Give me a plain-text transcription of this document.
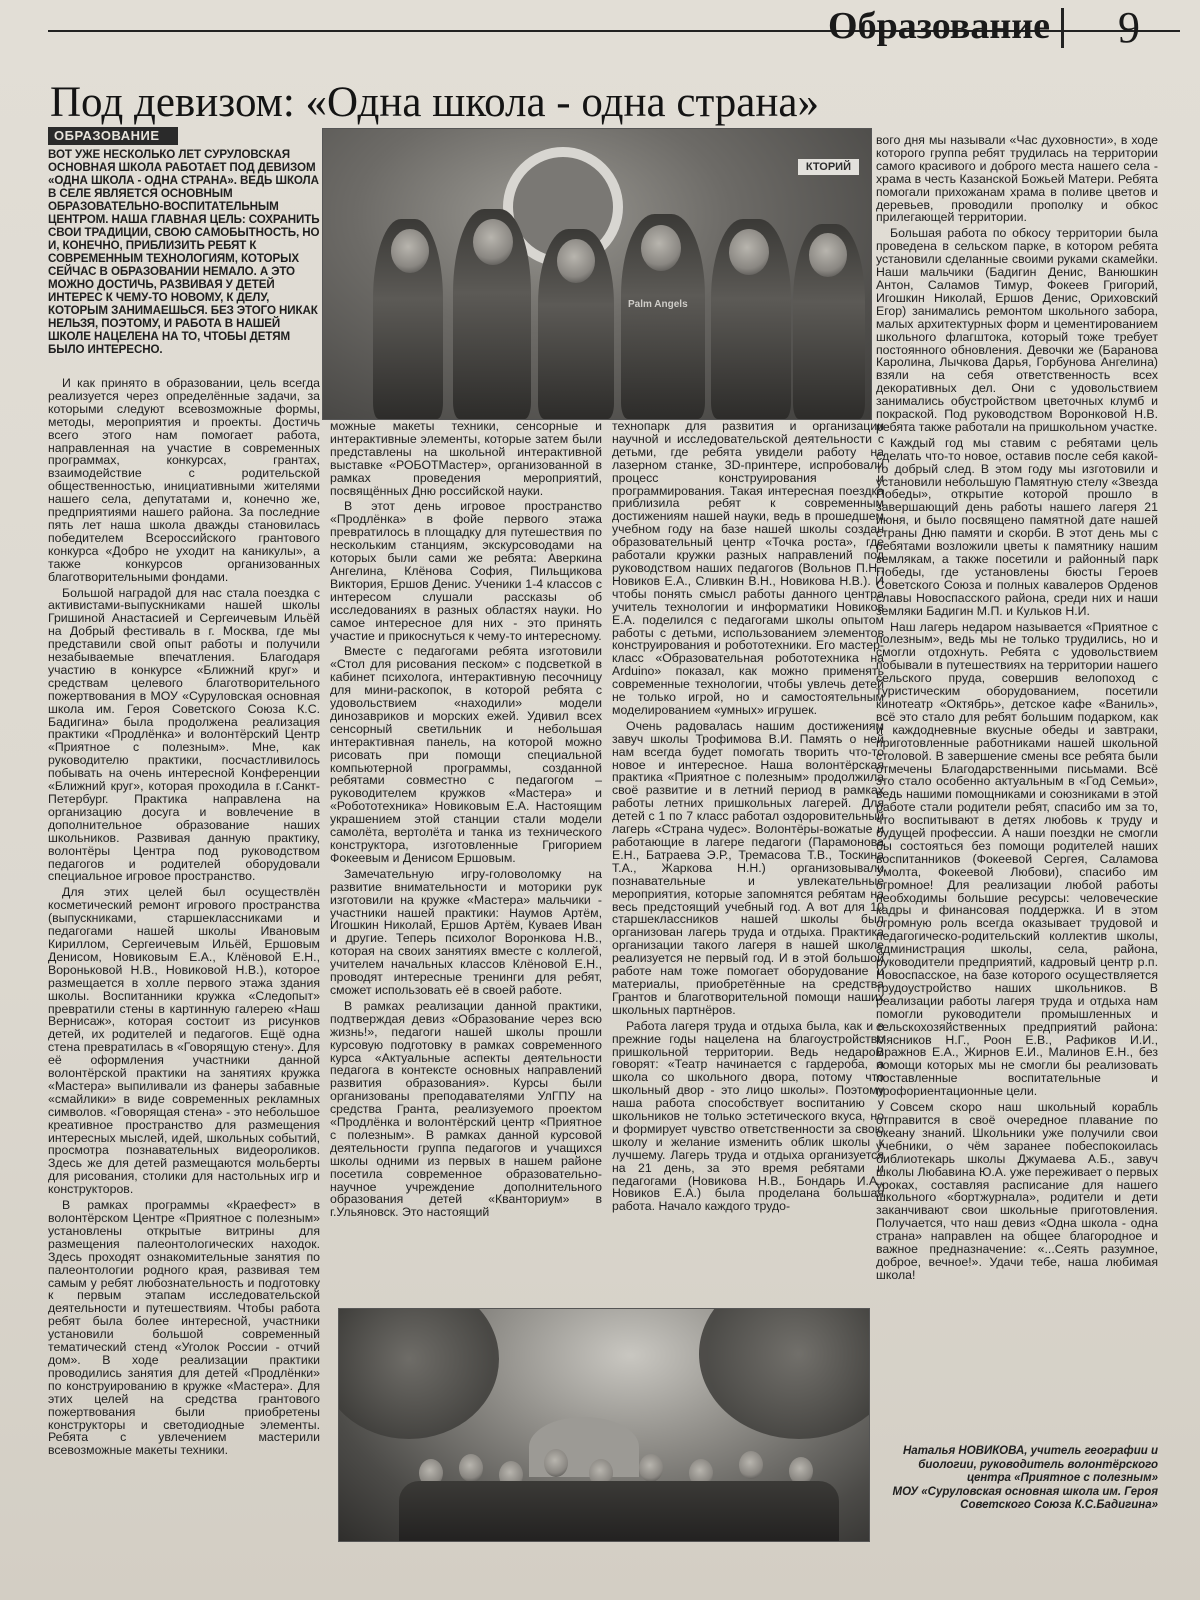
Образование 9
Под девизом: «Одна школа - одна страна»
ОБРАЗОВАНИЕ
ВОТ УЖЕ НЕСКОЛЬКО ЛЕТ СУРУЛОВСКАЯ ОСНОВНАЯ ШКОЛА РАБОТАЕТ ПОД ДЕВИЗОМ «ОДНА ШКОЛА - ОДНА СТРАНА». ВЕДЬ ШКОЛА В СЕЛЕ ЯВЛЯЕТСЯ ОСНОВНЫМ ОБРАЗОВАТЕЛЬНО-ВОСПИТАТЕЛЬНЫМ ЦЕНТРОМ. НАША ГЛАВНАЯ ЦЕЛЬ: СОХРАНИТЬ СВОИ ТРАДИЦИИ, СВОЮ САМОБЫТНОСТЬ, НО И, КОНЕЧНО, ПРИБЛИЗИТЬ РЕБЯТ К СОВРЕМЕННЫМ ТЕХНОЛОГИЯМ, КОТОРЫХ СЕЙЧАС В ОБРАЗОВАНИИ НЕМАЛО. А ЭТО МОЖНО ДОСТИЧЬ, РАЗВИВАЯ У ДЕТЕЙ ИНТЕРЕС К ЧЕМУ-ТО НОВОМУ, К ДЕЛУ, КОТОРЫМ ЗАНИМАЕШЬСЯ. БЕЗ ЭТОГО НИКАК НЕЛЬЗЯ, ПОЭТОМУ, И РАБОТА В НАШЕЙ ШКОЛЕ НАЦЕЛЕНА НА ТО, ЧТОБЫ ДЕТЯМ БЫЛО ИНТЕРЕСНО.

И как принято в образовании, цель всегда реализуется через определённые задачи, за которыми следуют всевозможные формы, методы, мероприятия и проекты. Достичь всего этого нам помогает работа, направленная на участие в современных программах, конкурсах, грантах, взаимодействие с родительской общественностью, инициативными жителями нашего села, депутатами и, конечно же, предприятиями нашего района. За последние пять лет наша школа дважды становилась победителем Всероссийского грантового конкурса «Добро не уходит на каникулы», а также конкурсов организованных благотворительными фондами.

Большой наградой для нас стала поездка с активистами-выпускниками нашей школы Гришиной Анастасией и Сергеичевым Ильёй на Добрый фестиваль в г. Москва, где мы представили свой опыт работы и получили незабываемые впечатления. Благодаря участию в конкурсе «Ближний круг» и средствам целевого благотворительного пожертвования в МОУ «Суруловская основная школа им. Героя Советского Союза К.С. Бадигина» была продолжена реализация практики «Продлёнка» и волонтёрский Центр «Приятное с полезным». Мне, как руководителю практики, посчастливилось побывать на очень интересной Конференции «Ближний круг», которая проходила в г.Санкт-Петербург. Практика направлена на организацию досуга и вовлечение в дополнительное образование наших школьников. Развивая данную практику, волонтёры Центра под руководством педагогов и родителей оборудовали специальное игровое пространство.

Для этих целей был осуществлён косметический ремонт игрового пространства (выпускниками, старшеклассниками и педагогами нашей школы Ивановым Кириллом, Сергеичевым Ильёй, Ершовым Денисом, Новиковым Е.А., Клёновой Е.Н., Вороньковой Н.В., Новиковой Н.В.), которое размещается в холле первого этажа здания школы. Воспитанники кружка «Следопыт» превратили стены в картинную галерею «Наш Вернисаж», которая состоит из рисунков детей, их родителей и педагогов. Ещё одна стена превратилась в «Говорящую стену». Для её оформления участники данной волонтёрской практики на занятиях кружка «Мастера» выпиливали из фанеры забавные «смайлики» в виде современных рекламных символов. «Говорящая стена» - это небольшое креативное пространство для размещения интересных мыслей, идей, школьных событий, просмотра познавательных видеороликов. Здесь же для детей размещаются мольберты для рисования, столики для настольных игр и конструкторов.

В рамках программы «Краефест» в волонтёрском Центре «Приятное с полезным» установлены открытые витрины для размещения палеонтологических находок. Здесь проходят ознакомительные занятия по палеонтологии родного края, развивая тем самым у ребят любознательность и подготовку к первым этапам исследовательской деятельности и путешествиям. Чтобы работа ребят была более интересной, участники установили большой современный тематический стенд «Уголок России - отчий дом». В ходе реализации практики проводились занятия для детей «Продлёнки» по конструированию в кружке «Мастера». Для этих целей на средства грантового пожертвования были приобретены конструкторы и светодиодные элементы. Ребята с увлечением мастерили всевозможные макеты техники.

КТОРИЙ
Palm Angels

можные макеты техники, сенсорные и интерактивные элементы, которые затем были представлены на школьной интерактивной выставке «РОБОТМастер», организованной в рамках проведения мероприятий, посвящённых Дню российской науки.

В этот день игровое пространство «Продлёнка» в фойе первого этажа превратилось в площадку для путешествия по нескольким станциям, экскурсоводами на которых были сами же ребята: Аверкина Ангелина, Клёнова София, Пильщикова Виктория, Ершов Денис. Ученики 1-4 классов с интересом слушали рассказы об исследованиях в разных областях науки. Но самое интересное для них - это принять участие и прикоснуться к чему-то интересному.

Вместе с педагогами ребята изготовили «Стол для рисования песком» с подсветкой в кабинет психолога, интерактивную песочницу для мини-раскопок, в которой ребята с удовольствием «находили» модели динозавриков и морских ежей. Удивил всех сенсорный светильник и небольшая интерактивная панель, на которой можно рисовать при помощи специальной компьютерной программы, созданной ребятами совместно с педагогом – руководителем кружков «Мастера» и «Робототехника» Новиковым Е.А. Настоящим украшением этой станции стали модели самолёта, вертолёта и танка из технического конструктора, изготовленные Григорием Фокеевым и Денисом Ершовым.

Замечательную игру-головоломку на развитие внимательности и моторики рук изготовили на кружке «Мастера» мальчики - участники нашей практики: Наумов Артём, Игошкин Николай, Ершов Артём, Куваев Иван и другие. Теперь психолог Воронкова Н.В., которая на своих занятиях вместе с коллегой, учителем начальных классов Клёновой Е.Н., проводят интересные тренинги для ребят, сможет использовать её в своей работе.

В рамках реализации данной практики, подтверждая девиз «Образование через всю жизнь!», педагоги нашей школы прошли курсовую подготовку в рамках современного курса «Актуальные аспекты деятельности педагога в контексте основных направлений развития образования». Курсы были организованы преподавателями УлГПУ на средства Гранта, реализуемого проектом «Продлёнка и волонтёрский центр «Приятное с полезным». В рамках данной курсовой деятельности группа педагогов и учащихся школы одними из первых в нашем районе посетила современное образовательно-научное учреждение дополнительного образования детей «Кванториум» в г.Ульяновск. Это настоящий

технопарк для развития и организации научной и исследовательской деятельности с детьми, где ребята увидели работу на лазерном станке, 3D-принтере, испробовали процесс конструирования и программирования. Такая интересная поездка приблизила ребят к современным достижениям нашей науки, ведь в прошедшем учебном году на базе нашей школы создан образовательный центр «Точка роста», где работали кружки разных направлений под руководством наших педагогов (Вольнов П.Н., Новиков Е.А., Сливкин В.Н., Новикова Н.В.). И чтобы понять смысл работы данного центра учитель технологии и информатики Новиков Е.А. поделился с педагогами школы опытом работы с детьми, использованием элементов конструирования и робототехники. Его мастер-класс «Образовательная робототехника на Arduino» показал, как можно применять современные технологии, чтобы увлечь детей не только игрой, но и самостоятельным моделированием «умных» игрушек.

Очень радовалась нашим достижениям завуч школы Трофимова В.И. Память о ней нам всегда будет помогать творить что-то новое и интересное. Наша волонтёрская практика «Приятное с полезным» продолжила своё развитие и в летний период в рамках работы летних пришкольных лагерей. Для детей с 1 по 7 класс работал оздоровительный лагерь «Страна чудес». Волонтёры-вожатые и работающие в лагере педагоги (Парамонова Е.Н., Батраева Э.Р., Тремасова Т.В., Тоскина Т.А., Жаркова Н.Н.) организовывали познавательные и увлекательные мероприятия, которые запомнятся ребятам на весь предстоящий учебный год. А вот для 10 старшеклассников нашей школы был организован лагерь труда и отдыха. Практика организации такого лагеря в нашей школе реализуется не первый год. И в этой большой работе нам тоже помогает оборудование и материалы, приобретённые на средства Грантов и благотворительной помощи наших школьных партнёров.

Работа лагеря труда и отдыха была, как и в прежние годы нацелена на благоустройство пришкольной территории. Ведь недаром говорят: «Театр начинается с гардероба, а школа со школьного двора, потому что школьный двор - это лицо школы». Поэтому наша работа способствует воспитанию у школьников не только эстетического вкуса, но и формирует чувство ответственности за свою школу и желание изменить облик школы к лучшему. Лагерь труда и отдыха организуется на 21 день, за это время ребятами и педагогами (Новикова Н.В., Бондарь И.А., Новиков Е.А.) была проделана большая работа. Начало каждого трудо-

вого дня мы называли «Час духовности», в ходе которого группа ребят трудилась на территории самого красивого и доброго места нашего села - храма в честь Казанской Божьей Матери. Ребята помогали прихожанам храма в поливе цветов и деревьев, проводили прополку и обкос прилегающей территории.

Большая работа по обкосу территории была проведена в сельском парке, в котором ребята установили сделанные своими руками скамейки. Наши мальчики (Бадигин Денис, Ванюшкин Антон, Саламов Тимур, Фокеев Григорий, Игошкин Николай, Ершов Денис, Ориховский Егор) занимались ремонтом школьного забора, малых архитектурных форм и цементированием школьного флагштока, который тоже требует постоянного обновления. Девочки же (Баранова Каролина, Лычкова Дарья, Горбунова Ангелина) взяли на себя ответственность всех декоративных дел. Они с удовольствием занимались обустройством цветочных клумб и покраской. Под руководством Воронковой Н.В. ребята также работали на пришкольном участке.

Каждый год мы ставим с ребятами цель сделать что-то новое, оставив после себя какой-то добрый след. В этом году мы изготовили и установили небольшую Памятную стелу «Звезда Победы», открытие которой прошло в завершающий день работы нашего лагеря 21 июня, и было посвящено памятной дате нашей страны Дню памяти и скорби. В этот день мы с ребятами возложили цветы к памятнику нашим землякам, а также посетили и районный парк Победы, где установлены бюсты Героев Советского Союза и полных кавалеров Орденов славы Новоспасского района, среди них и наши земляки Бадигин М.П. и Кульков Н.И.

Наш лагерь недаром называется «Приятное с полезным», ведь мы не только трудились, но и смогли отдохнуть. Ребята с удовольствием побывали в путешествиях на территории нашего сельского пруда, совершив велопоход с туристическим оборудованием, посетили кинотеатр «Октябрь», детское кафе «Ваниль», всё это стало для ребят большим подарком, как и каждодневные вкусные обеды и завтраки, приготовленные работниками нашей школьной столовой. В завершение смены все ребята были отмечены Благодарственными письмами. Всё это стало особенно актуальным в «Год Семьи», ведь нашими помощниками и союзниками в этой работе стали родители ребят, спасибо им за то, что воспитывают в детях любовь к труду и будущей профессии. А наши поездки не смогли бы состояться без помощи родителей наших воспитанников (Фокеевой Сергея, Саламова Умолта, Фокеевой Любови), спасибо им огромное! Для реализации любой работы необходимы большие ресурсы: человеческие кадры и финансовая поддержка. И в этом огромную роль всегда оказывает трудовой и педагогическо-родительский коллектив школы, администрация школы, села, района, руководители предприятий, кадровый центр р.п. Новоспасское, на базе которого осуществляется трудоустройство наших школьников. В реализации работы лагеря труда и отдыха нам помогли руководители промышленных и сельскохозяйственных предприятий района: Мясников Н.Г., Роон Е.В., Рафиков И.И., Вражнов Е.А., Жирнов Е.И., Малинов Е.Н., без помощи которых мы не смогли бы реализовать поставленные воспитательные и профориентационные цели.

Совсем скоро наш школьный корабль отправится в своё очередное плавание по океану знаний. Школьники уже получили свои учебники, о чём заранее побеспокоилась библиотекарь школы Джумаева А.Б., завуч школы Любавина Ю.А. уже переживает о первых уроках, составляя расписание для нашего школьного «бортжурнала», родители и дети заканчивают свои школьные приготовления. Получается, что наш девиз «Одна школа - одна страна» направлен на общее благородное и важное предназначение: «...Сеять разумное, доброе, вечное!». Удачи тебе, наша любимая школа!

Наталья НОВИКОВА, учитель географии и биологии, руководитель волонтёрского центра «Приятное с полезным»
МОУ «Суруловская основная школа им. Героя Советского Союза К.С.Бадигина»
